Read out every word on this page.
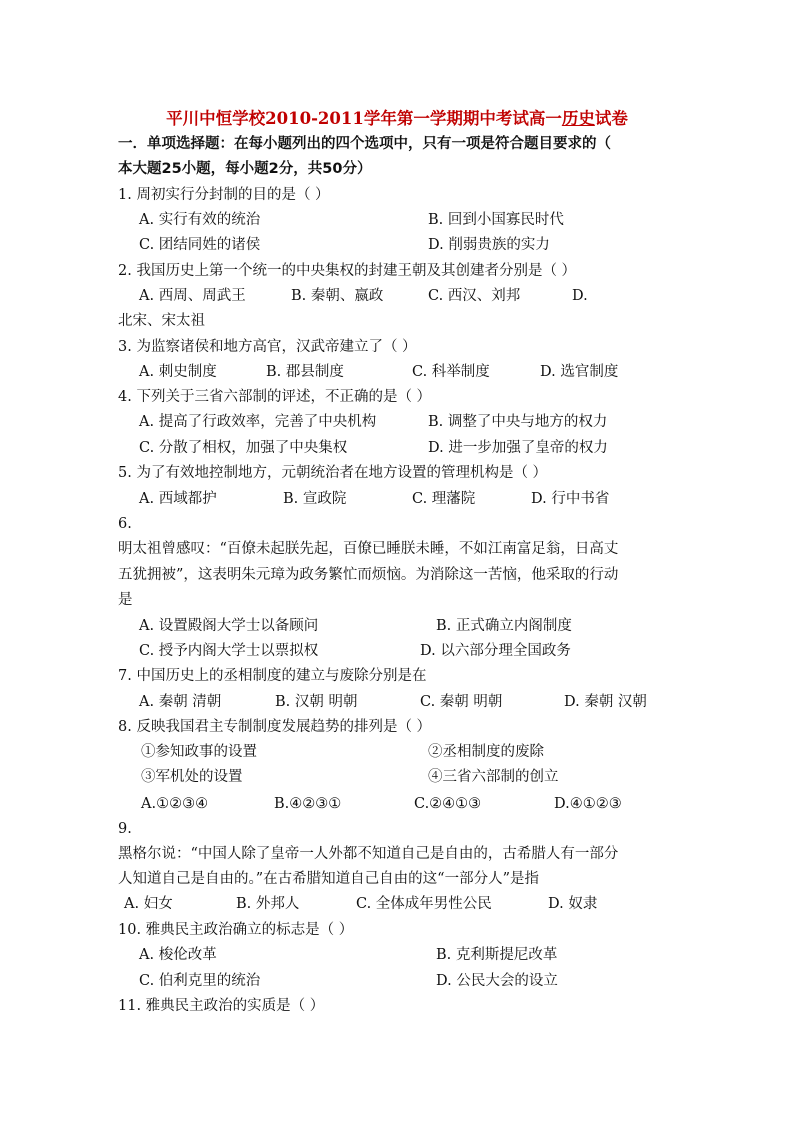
平川中恒学校2010-2011学年第一学期期中考试高一历史试卷
一．单项选择题：在每小题列出的四个选项中，只有一项是符合题目要求的（
本大题25小题，每小题2分，共50分）
1. 周初实行分封制的目的是（ ）
A. 实行有效的统治	B. 回到小国寡民时代
C. 团结同姓的诸侯	D. 削弱贵族的实力
2. 我国历史上第一个统一的中央集权的封建王朝及其创建者分别是（ ）
A. 西周、周武王	B. 秦朝、嬴政	C. 西汉、刘邦	D.
北宋、宋太祖
3. 为监察诸侯和地方高官，汉武帝建立了（ ）
A. 刺史制度	B. 郡县制度	C. 科举制度	D. 选官制度
4. 下列关于三省六部制的评述，不正确的是（ ）
A. 提高了行政效率，完善了中央机构	B. 调整了中央与地方的权力
C. 分散了相权，加强了中央集权	D. 进一步加强了皇帝的权力
5. 为了有效地控制地方，元朝统治者在地方设置的管理机构是（ ）
A. 西域都护	B. 宣政院	C. 理藩院	D. 行中书省
6.
明太祖曾感叹：“百僚未起朕先起，百僚已睡朕未睡，不如江南富足翁，日高丈
五犹拥被”，这表明朱元璋为政务繁忙而烦恼。为消除这一苦恼，他采取的行动
是
A. 设置殿阁大学士以备顾问	B. 正式确立内阁制度
C. 授予内阁大学士以票拟权	D. 以六部分理全国政务
7. 中国历史上的丞相制度的建立与废除分别是在
A. 秦朝 清朝	B. 汉朝 明朝	C. 秦朝 明朝	D. 秦朝 汉朝
8. 反映我国君主专制制度发展趋势的排列是（ ）
①参知政事的设置	②丞相制度的废除
③军机处的设置	④三省六部制的创立
A.①②③④	B.④②③①	C.②④①③	D.④①②③
9.
黑格尔说：“中国人除了皇帝一人外都不知道自己是自由的，古希腊人有一部分
人知道自己是自由的。”在古希腊知道自己自由的这“一部分人”是指
A. 妇女	B. 外邦人	C. 全体成年男性公民	D. 奴隶
10. 雅典民主政治确立的标志是（ ）
A. 梭伦改革	B. 克利斯提尼改革
C. 伯利克里的统治	D. 公民大会的设立
11. 雅典民主政治的实质是（ ）
